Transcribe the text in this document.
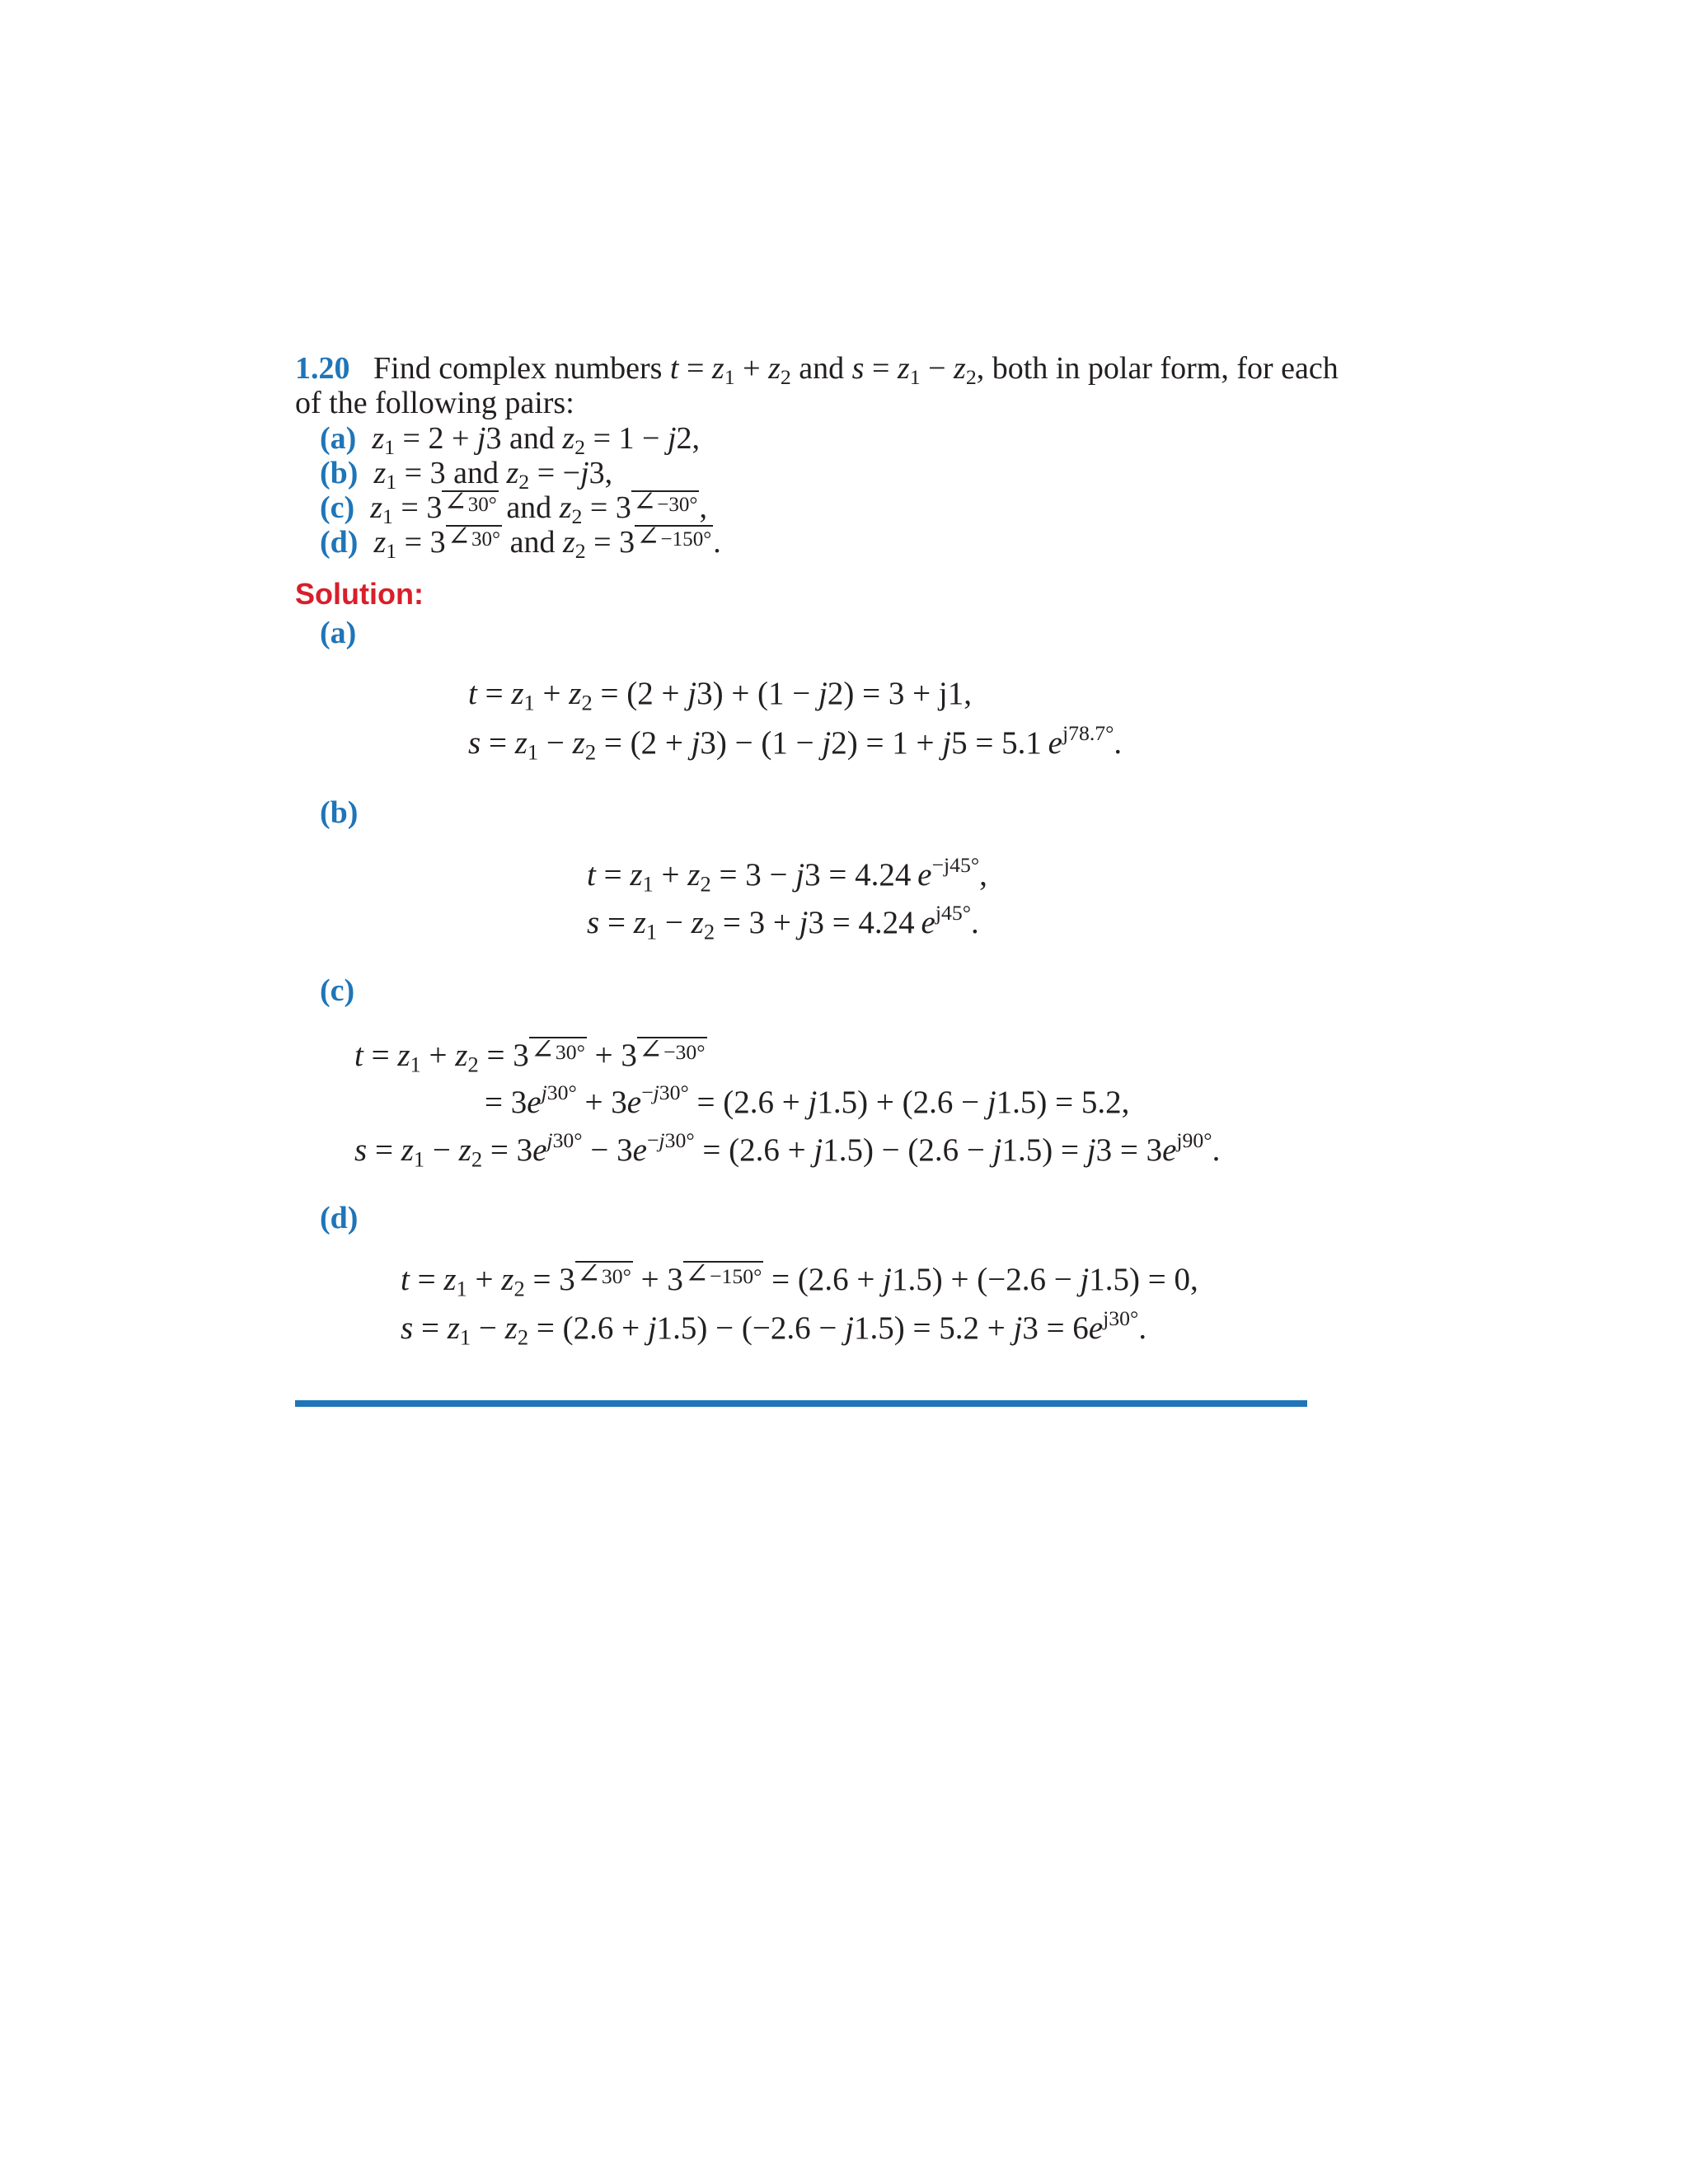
1.20 Find complex numbers $t = z_1 + z_2$ and $s = z_1 - z_2$, both in polar form, for each
of the following pairs:
(a) $z_1 = 2 + j3$ and $z_2 = 1 - j2$,
(b) $z_1 = 3$ and $z_2 = -j3$,
(c) $z_1$ = 3∠ 30° and $z_2$ = 3∠ −30°,
(d) $z_1$ = 3∠ 30° and $z_2$ = 3∠ −150°.
Solution:
(a)
$t = z_1 + z_2 = (2 + j3) + (1 - j2) = 3 + j1$,
$s = z_1 - z_2 = (2 + j3) - (1 - j2) = 1 + j5 = 5.1$  $e^{j78.7^\circ}$.
(b)
$t = z_1 + z_2 = 3 - j3 = 4.24$  $e^{-j45^\circ}$,
$s = z_1 - z_2 = 3 + j3 = 4.24$ $e^{j45^\circ}$.
(c)
$t = z_1 + z_2$ = 3∠ 30° + 3∠ −30°
= $3e^{j30^\circ} + 3e^{-j30^\circ} = (2.6 + j1.5) + (2.6 - j1.5) = 5.2$,
$s = z_1 - z_2 = 3e^{j30^\circ} - 3e^{-j30^\circ} = (2.6 + j1.5) - (2.6 - j1.5) = j3 = 3e^{j90^\circ}$.
(d)
$t = z_1 + z_2$ = 3∠ 30° + 3∠ −150° = (2.6 + j1.5) + (−2.6 − j1.5) = 0,
$s = z_1 - z_2 = (2.6 + j1.5) - (-2.6 - j1.5) = 5.2 + j3 = 6e^{j30^\circ}$.
